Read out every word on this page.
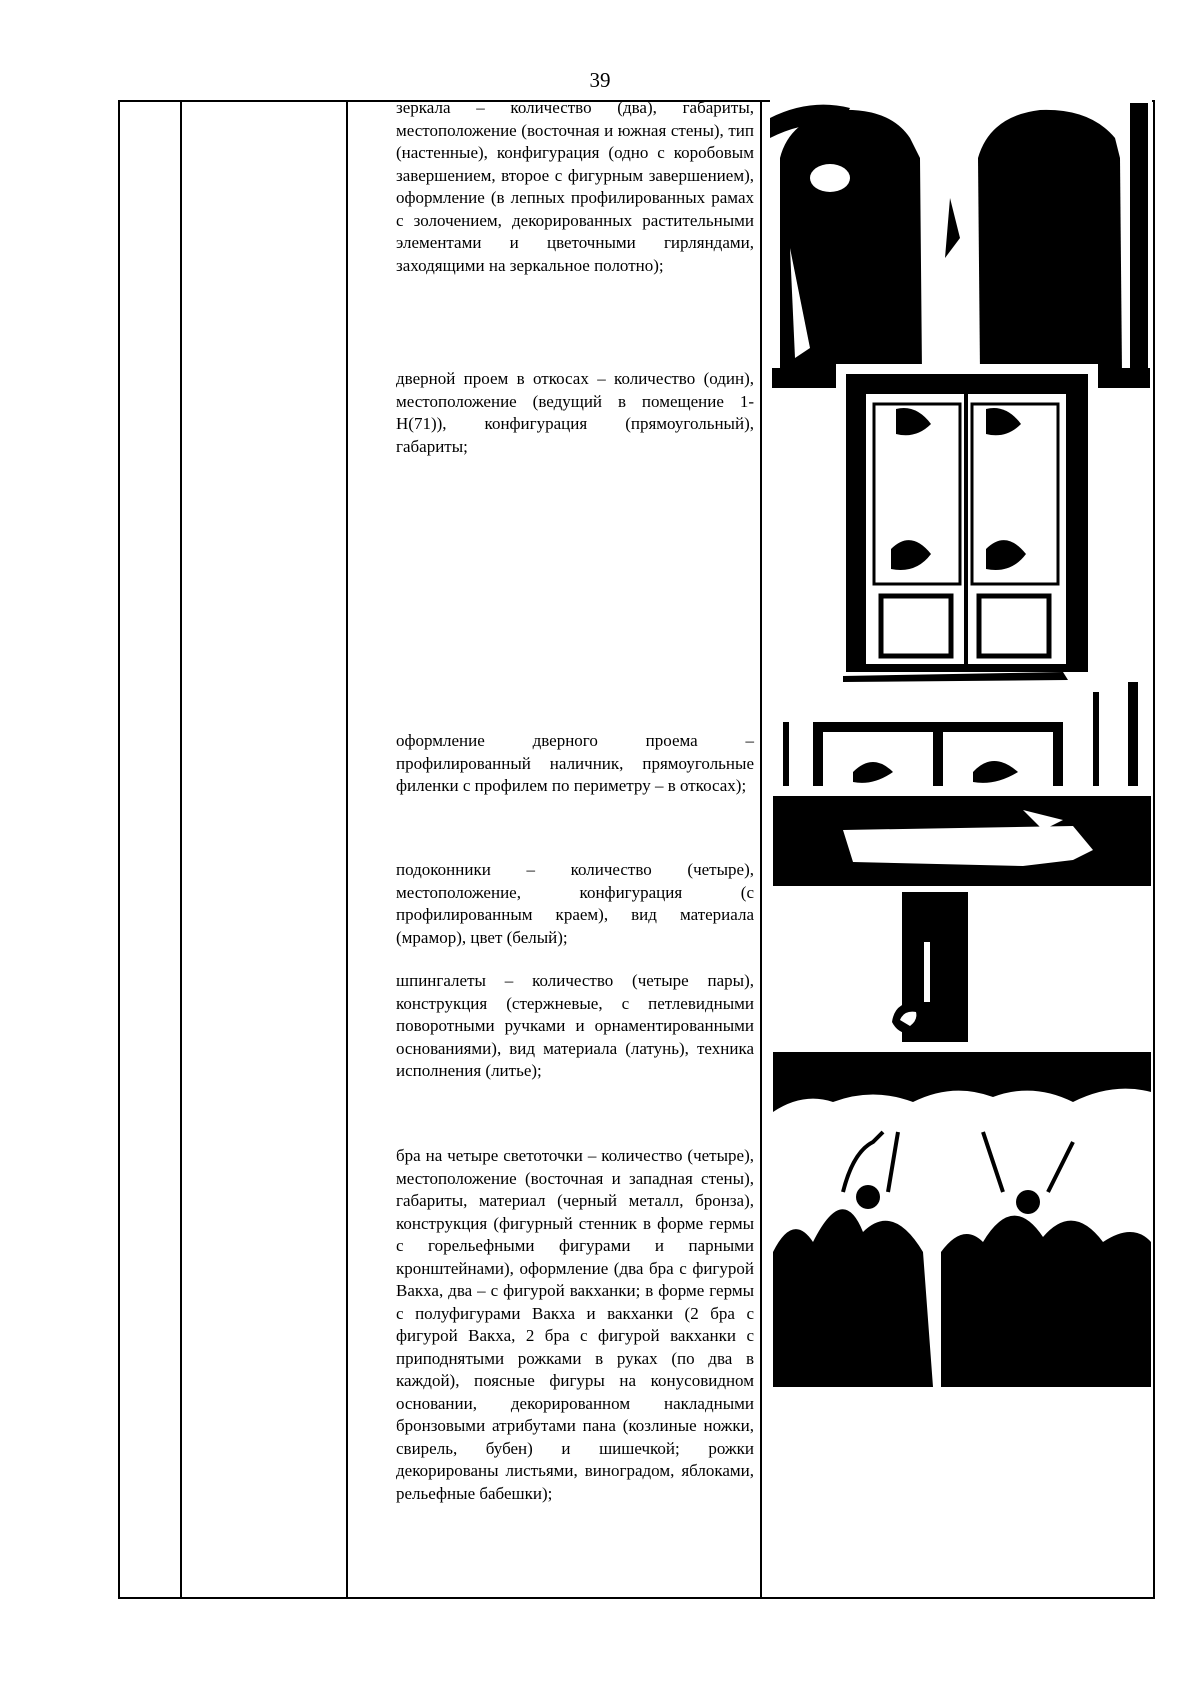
39

зеркала – количество (два), габариты, местоположение (восточная и южная стены), тип (настенные), конфигурация (одно с коробовым завершением, второе с фигурным завершением), оформление (в лепных профилированных рамах с золочением, декорированных растительными элементами и цветочными гирляндами, заходящими на зеркальное полотно);

дверной проем в откосах – количество (один), местоположение (ведущий в помещение 1-Н(71)), конфигурация (прямоугольный), габариты;

оформление дверного проема – профилированный наличник, прямоугольные филенки с профилем по периметру – в откосах);

подоконники – количество (четыре), местоположение, конфигурация (с профилированным краем), вид материала (мрамор), цвет (белый);

шпингалеты – количество (четыре пары), конструкция (стержневые, с петлевидными поворотными ручками и орнаментированными основаниями), вид материала (латунь), техника исполнения (литье);

бра на четыре светоточки – количество (четыре), местоположение (восточная и западная стены), габариты, материал (черный металл, бронза), конструкция (фигурный стенник в форме гермы с горельефными фигурами и парными кронштейнами), оформление (два бра с фигурой Вакха, два – с фигурой вакханки; в форме гермы с полуфигурами Вакха и вакханки (2 бра с фигурой Вакха, 2 бра с фигурой вакханки с приподнятыми рожками в руках (по два в каждой), поясные фигуры на конусовидном основании, декорированном накладными бронзовыми атрибутами пана (козлиные ножки, свирель, бубен) и шишечкой; рожки декорированы листьями, виноградом, яблоками, рельефные бабешки);
